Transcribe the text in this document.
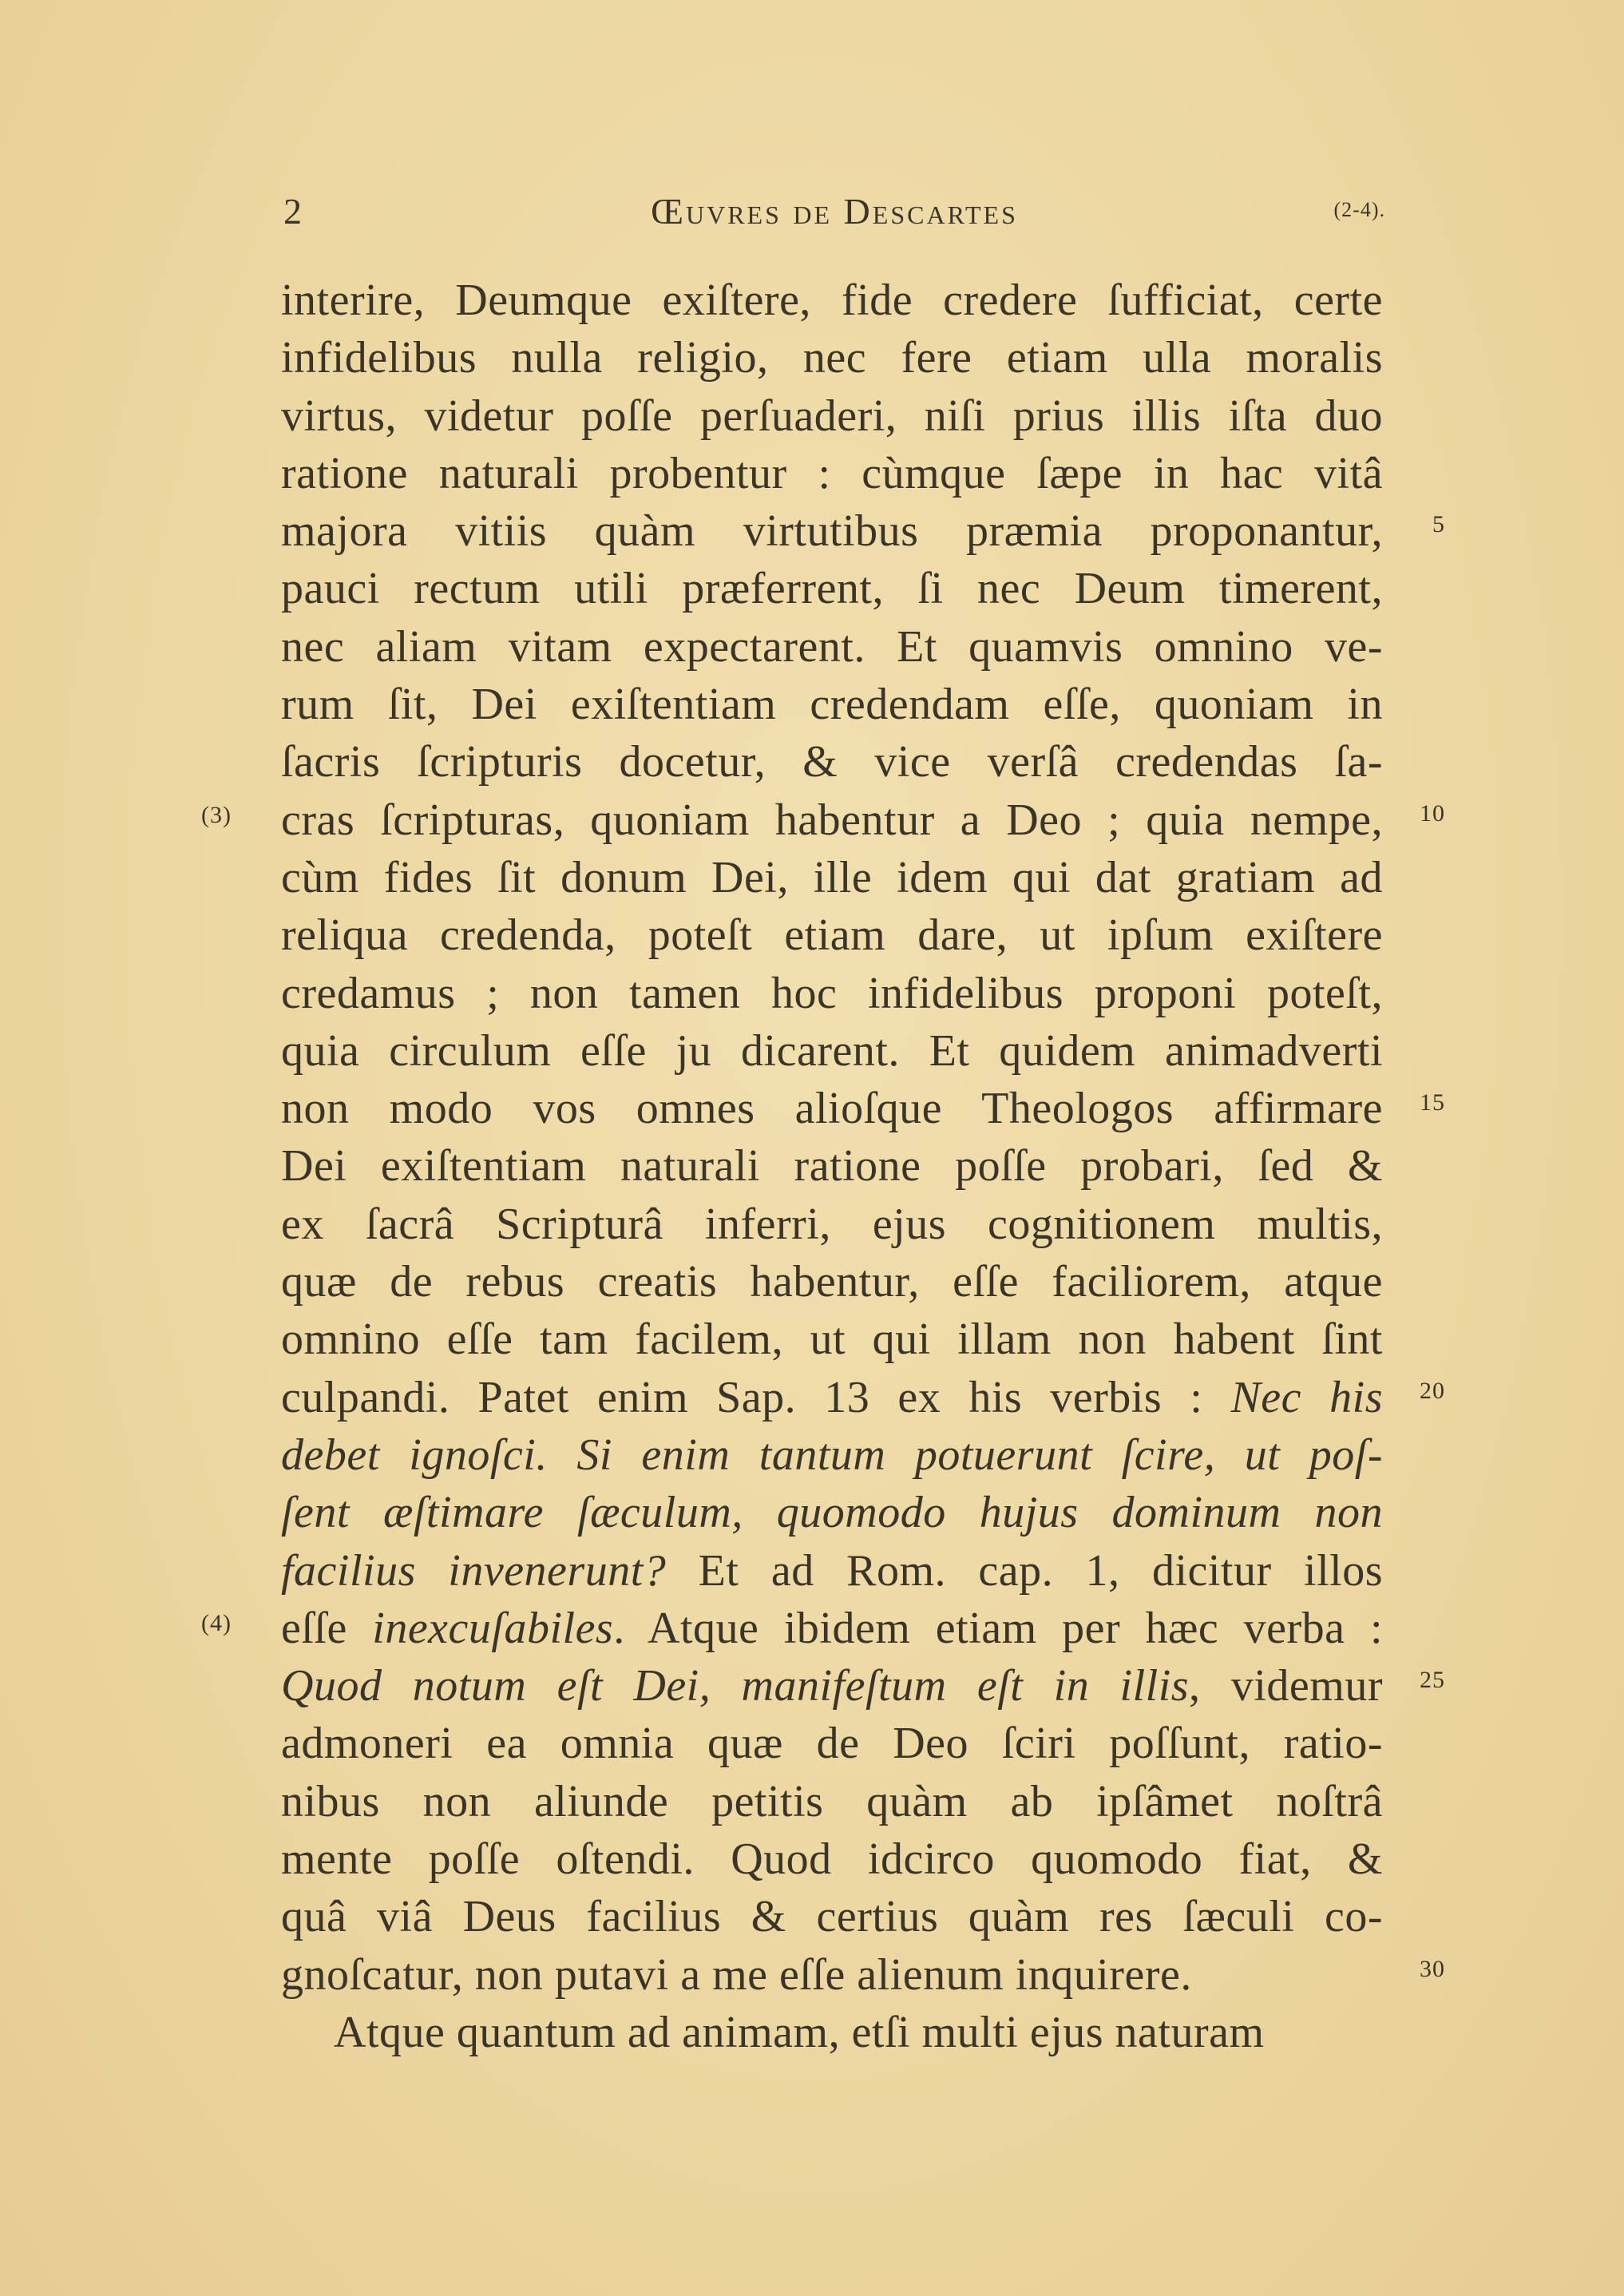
2	Œuvres de Descartes	(2-4).
interire, Deumque exiſtere, fide credere ſufficiat, certe
infidelibus nulla religio, nec fere etiam ulla moralis
virtus, videtur poſſe perſuaderi, niſi prius illis iſta duo
ratione naturali probentur : cùmque ſæpe in hac vitâ
majora vitiis quàm virtutibus præmia proponantur,
pauci rectum utili præferrent, ſi nec Deum timerent,
nec aliam vitam expectarent. Et quamvis omnino ve-
rum ſit, Dei exiſtentiam credendam eſſe, quoniam in
ſacris ſcripturis docetur, & vice verſâ credendas ſa-
cras ſcripturas, quoniam habentur a Deo ; quia nempe,
cùm fides ſit donum Dei, ille idem qui dat gratiam ad
reliqua credenda, poteſt etiam dare, ut ipſum exiſtere
credamus ; non tamen hoc infidelibus proponi poteſt,
quia circulum eſſe ju dicarent. Et quidem animadverti
non modo vos omnes alioſque Theologos affirmare
Dei exiſtentiam naturali ratione poſſe probari, ſed &
ex ſacrâ Scripturâ inferri, ejus cognitionem multis,
quæ de rebus creatis habentur, eſſe faciliorem, atque
omnino eſſe tam facilem, ut qui illam non habent ſint
culpandi. Patet enim Sap. 13 ex his verbis : Nec his
debet ignoſci. Si enim tantum potuerunt ſcire, ut poſ-
ſent æſtimare ſæculum, quomodo hujus dominum non
facilius invenerunt? Et ad Rom. cap. 1, dicitur illos
eſſe inexcuſabiles. Atque ibidem etiam per hæc verba :
Quod notum eſt Dei, manifeſtum eſt in illis, videmur
admoneri ea omnia quæ de Deo ſciri poſſunt, ratio-
nibus non aliunde petitis quàm ab ipſâmet noſtrâ
mente poſſe oſtendi. Quod idcirco quomodo fiat, &
quâ viâ Deus facilius & certius quàm res ſæculi co-
gnoſcatur, non putavi a me eſſe alienum inquirere.
Atque quantum ad animam, etſi multi ejus naturam
5
10
15
20
25
30
(3)
(4)
